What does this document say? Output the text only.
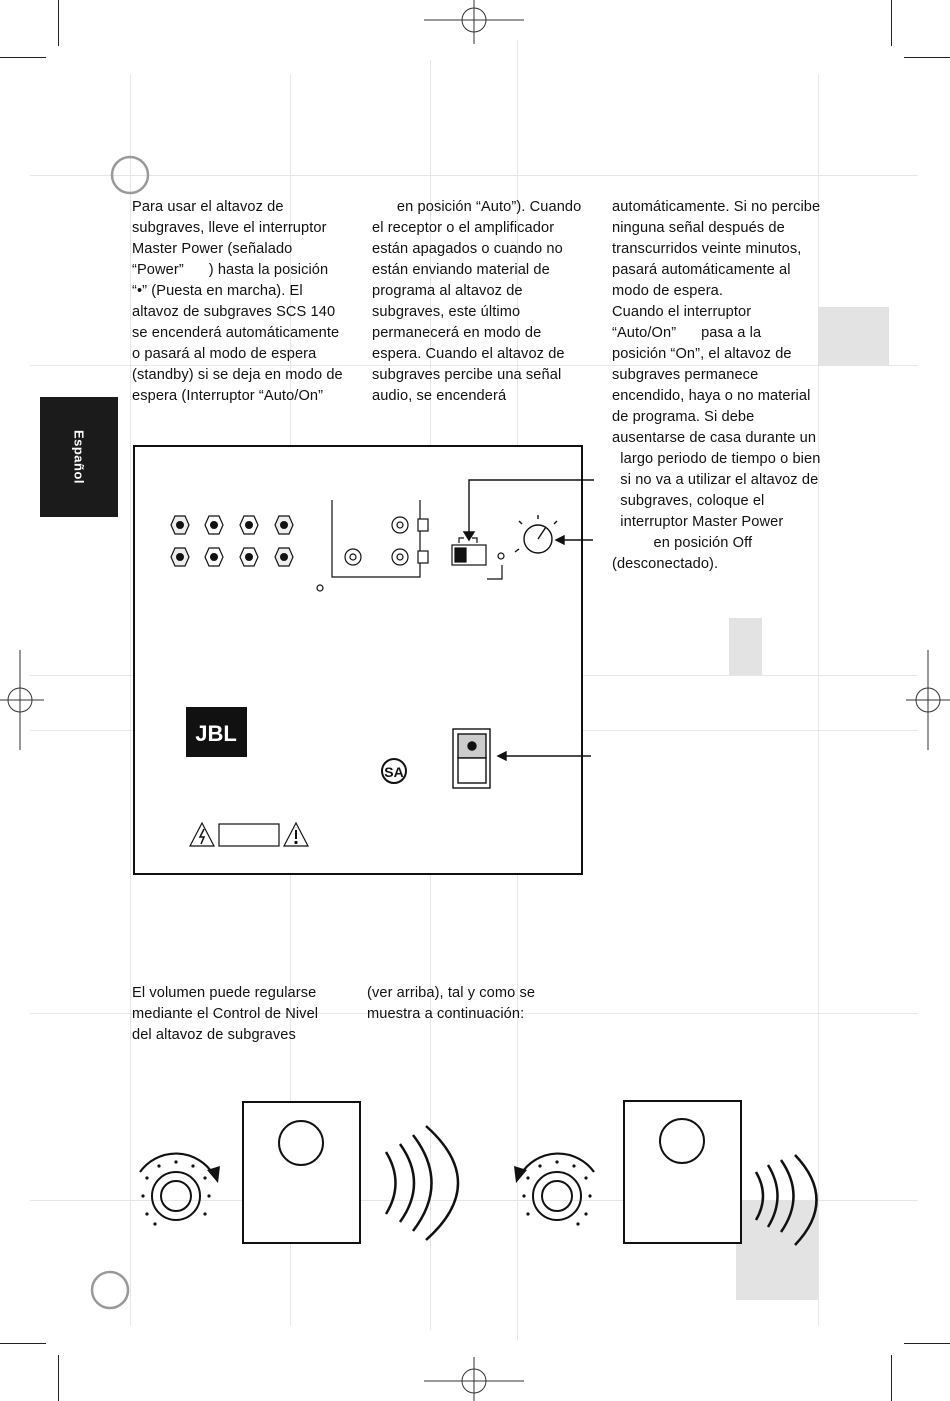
Español
Para usar el altavoz de
subgraves, lleve el interruptor
Master Power (señalado
“Power”      ) hasta la posición
“•” (Puesta en marcha). El
altavoz de subgraves SCS 140
se encenderá automáticamente
o pasará al modo de espera
(standby) si se deja en modo de
espera (Interruptor “Auto/On”
en posición “Auto”). Cuando
el receptor o el amplificador
están apagados o cuando no
están enviando material de
programa al altavoz de
subgraves, este último
permanecerá en modo de
espera. Cuando el altavoz de
subgraves percibe una señal
audio, se encenderá
automáticamente. Si no percibe
ninguna señal después de
transcurridos veinte minutos,
pasará automáticamente al
modo de espera.
Cuando el interruptor
“Auto/On”      pasa a la
posición “On”, el altavoz de
subgraves permanece
encendido, haya o no material
de programa. Si debe
ausentarse de casa durante un
largo periodo de tiempo o bien
si no va a utilizar el altavoz de
subgraves, coloque el
interruptor Master Power
en posición Off
(desconectado).
JBL
SA
El volumen puede regularse
mediante el Control de Nivel
del altavoz de subgraves
(ver arriba), tal y como se
muestra a continuación:
